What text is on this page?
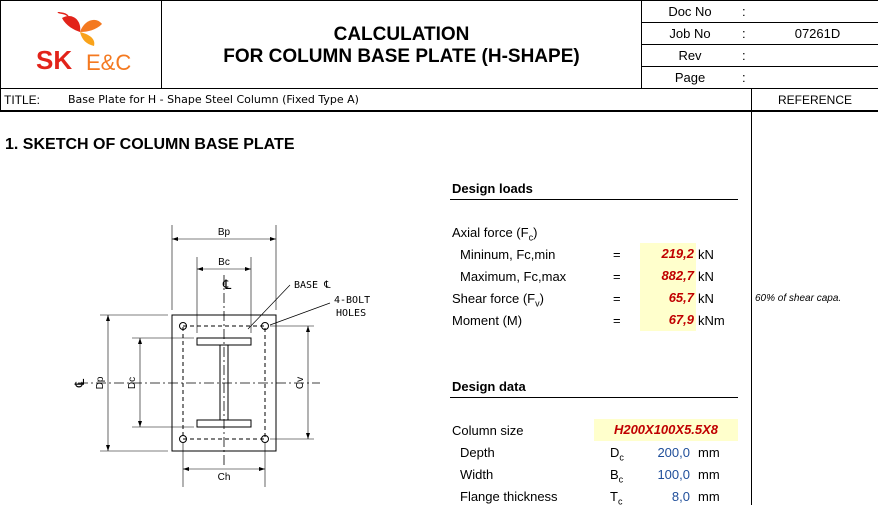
SK E&C
CALCULATION
FOR COLUMN BASE PLATE (H-SHAPE)
Doc No	:
Job No	:	07261D
Rev	:
Page	:
TITLE:	Base Plate for H - Shape Steel Column (Fixed Type A)	REFERENCE
1. SKETCH OF COLUMN BASE PLATE
Bp
Bc
℄	BASE ℄
4-BOLT
HOLES
℄ Dp Dc	Cv
Ch
Design loads
Axial force $(F_c)$
Mininum, Fc,min	=	219,2 kN
Maximum, Fc,max	=	882,7 kN
Shear force $(F_v)$	=	65,7 kN	60% of shear capa.
Moment (M)	=	67,9 kNm
Design data
Column size	H200X100X5.5X8
Depth	$D_c$	200,0 mm
Width	$B_c$	100,0 mm
Flange thickness	$T_c$	8,0 mm
